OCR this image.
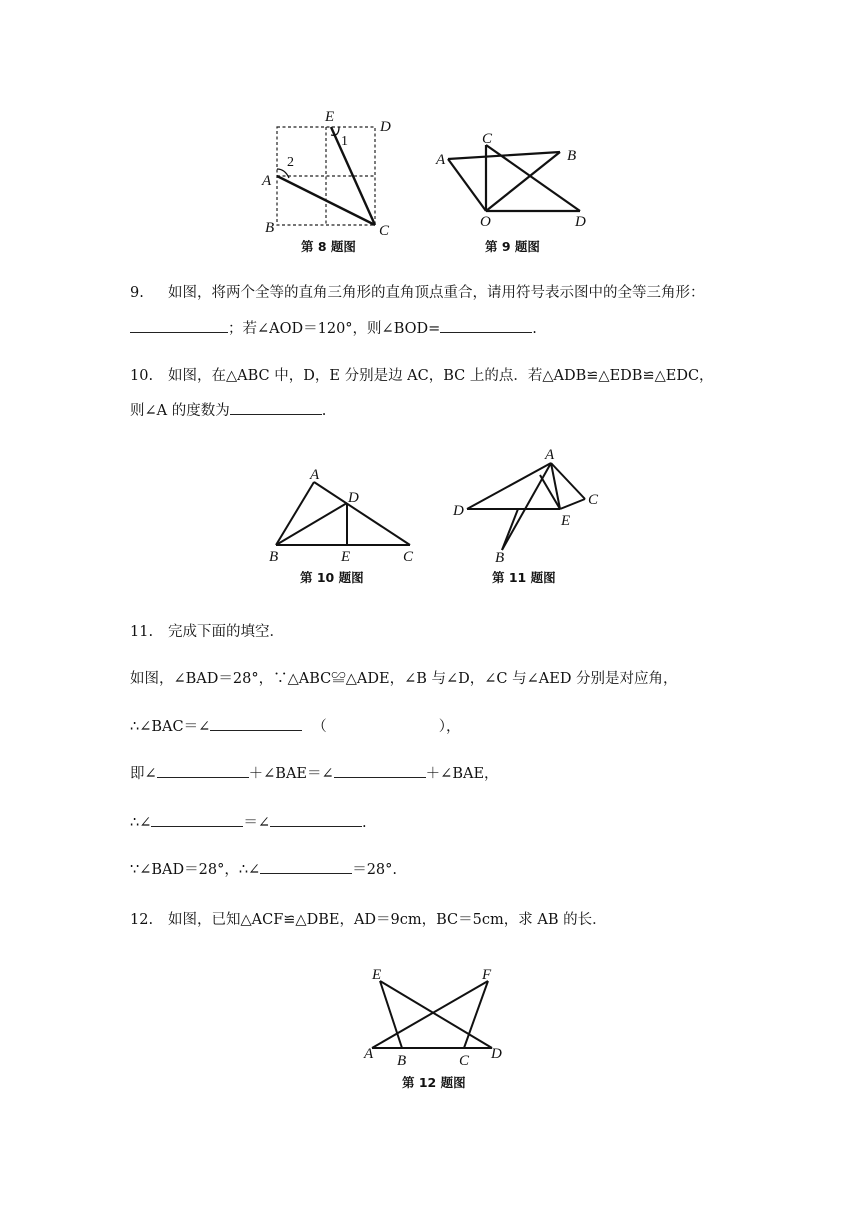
E
D
A
B	C
1
2
第 8 题图
A	B
C
O	D
第 9 题图
9. 如图，将两个全等的直角三角形的直角顶点重合，请用符号表示图中的全等三角形：
；若∠AOD＝120°，则∠BOD=	.
10. 如图，在△ABC 中，D，E 分别是边 AC，BC 上的点．若△ADB≌△EDB≌△EDC，
则∠A 的度数为	.
A
D
B	E	C
第 10 题图
A
C
D
E
B
第 11 题图
11. 完成下面的填空．
如图，∠BAD＝28°，∵△ABC≌△ADE，∠B 与∠D，∠C 与∠AED 分别是对应角，
∴∠BAC＝∠	（	），
即∠	＋∠BAE＝∠	＋∠BAE，
∴∠	＝∠	.
∵∠BAD＝28°，∴∠	＝28°.
12. 如图，已知△ACF≌△DBE，AD＝9cm，BC＝5cm，求 AB 的长．
E	F
A B	C D
第 12 题图
